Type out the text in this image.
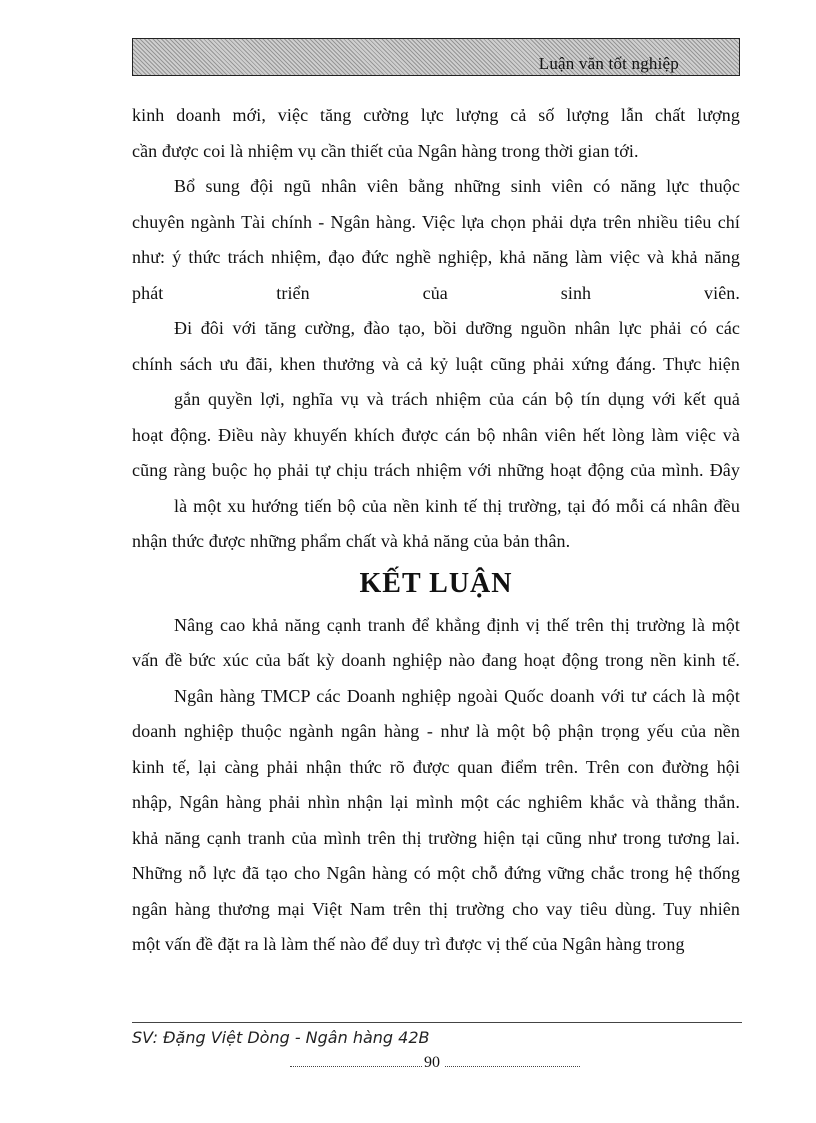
Luận văn tốt nghiệp
kinh doanh mới, việc tăng cường lực lượng cả số lượng lẫn chất lượng
cần được coi là nhiệm vụ cần thiết của Ngân hàng trong thời gian tới.
Bổ sung đội ngũ nhân viên bằng những sinh viên có năng lực thuộc
chuyên ngành Tài chính - Ngân hàng. Việc lựa chọn phải dựa trên nhiều tiêu chí
như: ý thức trách nhiệm, đạo đức nghề nghiệp, khả năng làm việc và khả năng
phát triển của sinh viên.
Đi đôi với tăng cường, đào tạo, bồi dưỡng nguồn nhân lực phải có các
chính sách ưu đãi, khen thưởng và cả kỷ luật cũng phải xứng đáng. Thực hiện
gắn quyền lợi, nghĩa vụ và trách nhiệm của cán bộ tín dụng với kết quả
hoạt động. Điều này khuyến khích được cán bộ nhân viên hết lòng làm việc và
cũng ràng buộc họ phải tự chịu trách nhiệm với những hoạt động của mình. Đây
là một xu hướng tiến bộ của nền kinh tế thị trường, tại đó mỗi cá nhân đều
nhận thức được những phẩm chất và khả năng của bản thân.
KẾT LUẬN
Nâng cao khả năng cạnh tranh để khẳng định vị thế trên thị trường là một
vấn đề bức xúc của bất kỳ doanh nghiệp nào đang hoạt động trong nền kinh tế.
Ngân hàng TMCP các Doanh nghiệp ngoài Quốc doanh với tư cách là một
doanh nghiệp thuộc ngành ngân hàng - như là một bộ phận trọng yếu của nền
kinh tế, lại càng phải nhận thức rõ được quan điểm trên. Trên con đường hội
nhập, Ngân hàng phải nhìn nhận lại mình một các nghiêm khắc và thẳng thắn.
khả năng cạnh tranh của mình trên thị trường hiện tại cũng như trong tương lai.
Những nỗ lực đã tạo cho Ngân hàng có một chỗ đứng vững chắc trong hệ thống
ngân hàng thương mại Việt Nam trên thị trường cho vay tiêu dùng. Tuy nhiên
một vấn đề đặt ra là làm thế nào để duy trì được vị thế của Ngân hàng trong
SV: Đặng Việt Dòng - Ngân hàng 42B
90
